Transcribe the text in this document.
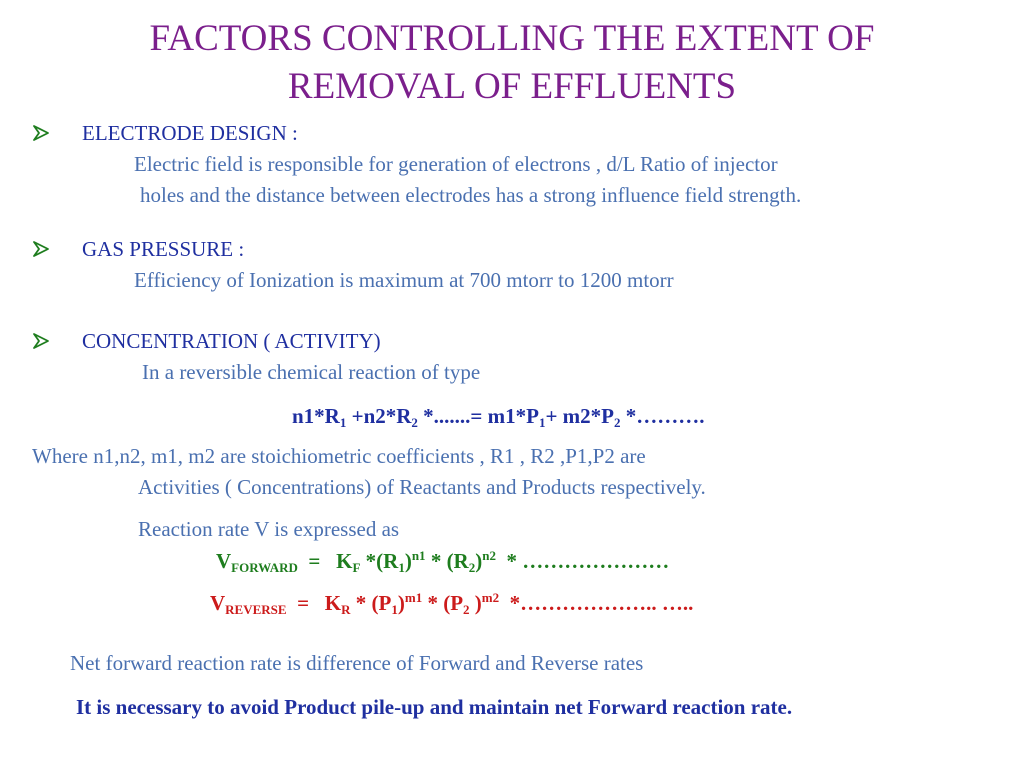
FACTORS CONTROLLING THE EXTENT OF
REMOVAL OF EFFLUENTS
ELECTRODE DESIGN :
Electric field is responsible for generation of electrons , d/L Ratio of injector
holes and the distance between electrodes has a strong influence field strength.
GAS PRESSURE :
Efficiency of Ionization is maximum at 700 mtorr to 1200 mtorr
CONCENTRATION ( ACTIVITY)
In a reversible chemical reaction of type
$n1*R_1 +n2*R_2$ *.......= $m1*P_1+ m2*P_2$ *……….
Where n1,n2, m1, m2 are stoichiometric coefficients , R1 , R2 ,P1,P2 are
Activities ( Concentrations) of Reactants and Products respectively.
Reaction rate V is expressed as
$V_{FORWARD} = K_F$ $*(R_1)^{n1} * (R_2)^{n2}$  * …………………
$V_{REVERSE} = K_R * (P_1)^{m1} * (P_2$ )$^{m2}$  *……………….. …..
Net forward reaction rate is difference of Forward and Reverse rates
It is necessary to avoid Product pile-up and maintain net Forward reaction rate.
